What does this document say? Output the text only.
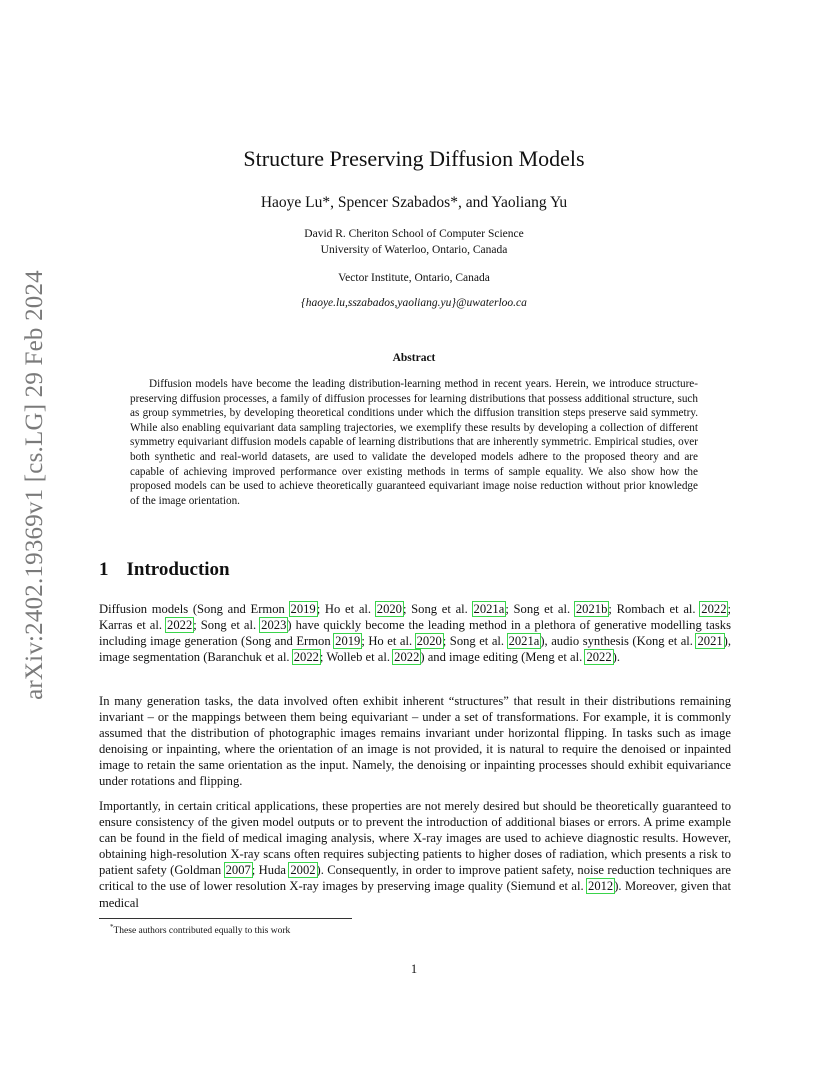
arXiv:2402.19369v1 [cs.LG] 29 Feb 2024
Structure Preserving Diffusion Models
Haoye Lu*, Spencer Szabados*, and Yaoliang Yu
David R. Cheriton School of Computer Science
University of Waterloo, Ontario, Canada
Vector Institute, Ontario, Canada
{haoye.lu,sszabados,yaoliang.yu}@uwaterloo.ca
Abstract

Diffusion models have become the leading distribution-learning method in recent years. Herein, we introduce structure-preserving diffusion processes, a family of diffusion processes for learning distributions that possess additional structure, such as group symmetries, by developing theoretical conditions under which the diffusion transition steps preserve said symmetry. While also enabling equivariant data sampling trajectories, we exemplify these results by developing a collection of different symmetry equivariant diffusion models capable of learning distributions that are inherently symmetric. Empirical studies, over both synthetic and real-world datasets, are used to validate the developed models adhere to the proposed theory and are capable of achieving improved performance over existing methods in terms of sample equality. We also show how the proposed models can be used to achieve theoretically guaranteed equivariant image noise reduction without prior knowledge of the image orientation.

1 Introduction

Diffusion models (Song and Ermon 2019; Ho et al. 2020; Song et al. 2021a; Song et al. 2021b; Rombach et al. 2022; Karras et al. 2022; Song et al. 2023) have quickly become the leading method in a plethora of generative modelling tasks including image generation (Song and Ermon 2019; Ho et al. 2020; Song et al. 2021a), audio synthesis (Kong et al. 2021), image segmentation (Baranchuk et al. 2022; Wolleb et al. 2022) and image editing (Meng et al. 2022).

In many generation tasks, the data involved often exhibit inherent “structures” that result in their distributions remaining invariant – or the mappings between them being equivariant – under a set of transformations. For example, it is commonly assumed that the distribution of photographic images remains invariant under horizontal flipping. In tasks such as image denoising or inpainting, where the orientation of an image is not provided, it is natural to require the denoised or inpainted image to retain the same orientation as the input. Namely, the denoising or inpainting processes should exhibit equivariance under rotations and flipping.

Importantly, in certain critical applications, these properties are not merely desired but should be theoretically guaranteed to ensure consistency of the given model outputs or to prevent the introduction of additional biases or errors. A prime example can be found in the field of medical imaging analysis, where X-ray images are used to achieve diagnostic results. However, obtaining high-resolution X-ray scans often requires subjecting patients to higher doses of radiation, which presents a risk to patient safety (Goldman 2007; Huda 2002). Consequently, in order to improve patient safety, noise reduction techniques are critical to the use of lower resolution X-ray images by preserving image quality (Siemund et al. 2012). Moreover, given that medical

*These authors contributed equally to this work
1
